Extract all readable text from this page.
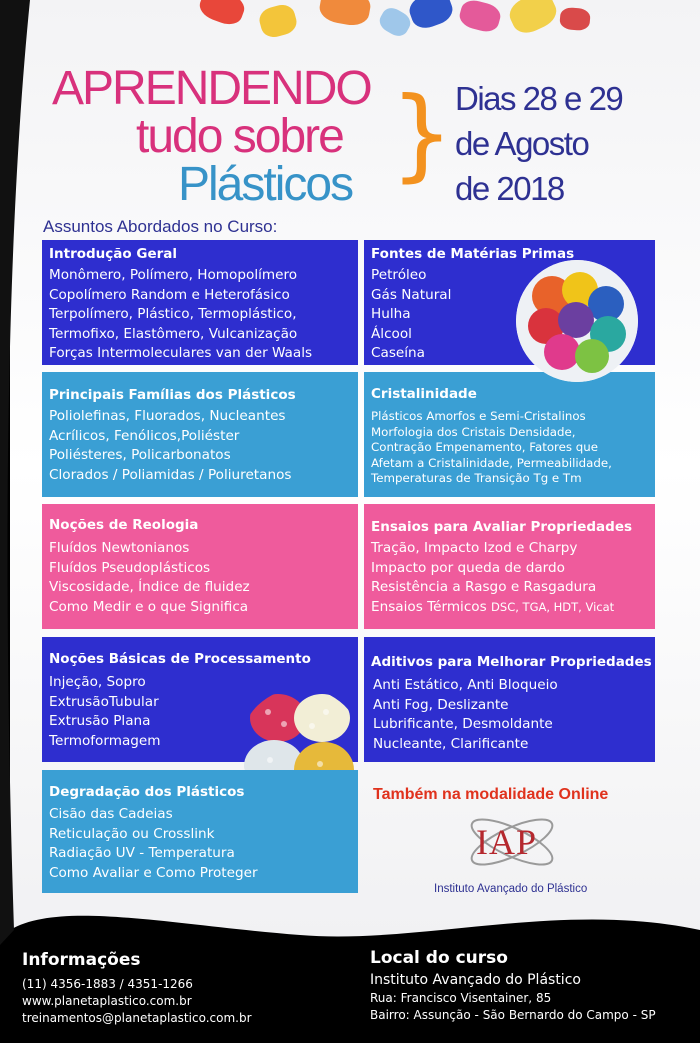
APRENDENDO
tudo sobre
Plásticos } Dias 28 e 29
de Agosto
de 2018
Assuntos Abordados no Curso:
Introdução Geral
Monômero, Polímero, Homopolímero
Copolímero Random e Heterofásico
Terpolímero, Plástico, Termoplástico,
Termofixo, Elastômero, Vulcanização
Forças Intermoleculares van der Waals
Fontes de Matérias Primas
Petróleo
Gás Natural
Hulha
Álcool
Caseína
Principais Famílias dos Plásticos
Poliolefinas, Fluorados, Nucleantes
Acrílicos, Fenólicos,Poliéster
Poliésteres, Policarbonatos
Clorados / Poliamidas / Poliuretanos
Cristalinidade
Plásticos Amorfos e Semi-Cristalinos
Morfologia dos Cristais Densidade,
Contração Empenamento, Fatores que
Afetam a Cristalinidade, Permeabilidade,
Temperaturas de Transição Tg e Tm
Noções de Reologia
Fluídos Newtonianos
Fluídos Pseudoplásticos
Viscosidade, Índice de fluidez
Como Medir e o que Significa
Ensaios para Avaliar Propriedades
Tração, Impacto Izod e Charpy
Impacto por queda de dardo
Resistência a Rasgo e Rasgadura
Ensaios Térmicos DSC, TGA, HDT, Vicat
Noções Básicas de Processamento
Injeção, Sopro
ExtrusãoTubular
Extrusão Plana
Termoformagem
Aditivos para Melhorar Propriedades
Anti Estático, Anti Bloqueio
Anti Fog, Deslizante
Lubrificante, Desmoldante
Nucleante, Clarificante
Degradação dos Plásticos
Cisão das Cadeias
Reticulação ou Crosslink
Radiação UV - Temperatura
Como Avaliar e Como Proteger
Também na modalidade Online
IAP
Instituto Avançado do Plástico
Informações
(11) 4356-1883 / 4351-1266
www.planetaplastico.com.br
treinamentos@planetaplastico.com.br
Local do curso
Instituto Avançado do Plástico
Rua: Francisco Visentainer, 85
Bairro: Assunção - São Bernardo do Campo - SP
